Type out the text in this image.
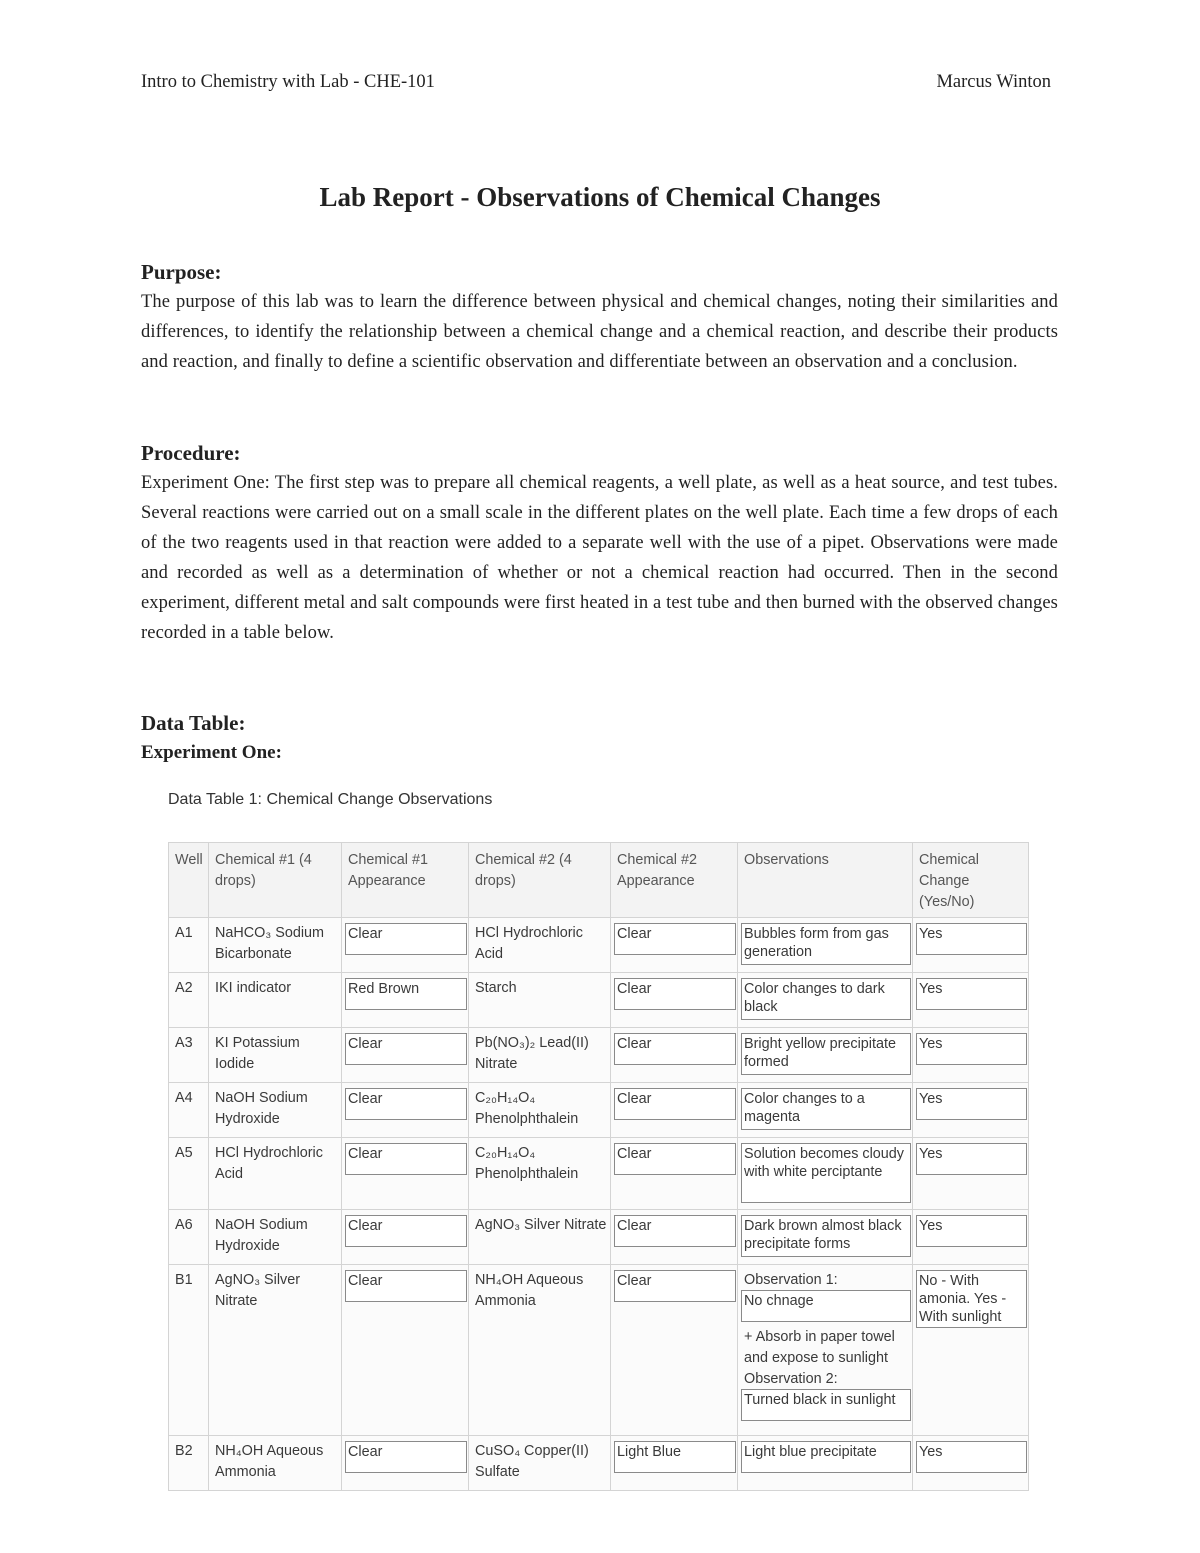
Intro to Chemistry with Lab - CHE-101	Marcus Winton
Lab Report - Observations of Chemical Changes
Purpose:
The purpose of this lab was to learn the difference between physical and chemical changes, noting their similarities and differences, to identify the relationship between a chemical change and a chemical reaction, and describe their products and reaction, and finally to define a scientific observation and differentiate between an observation and a conclusion.
Procedure:
Experiment One: The first step was to prepare all chemical reagents, a well plate, as well as a heat source, and test tubes. Several reactions were carried out on a small scale in the different plates on the well plate. Each time a few drops of each of the two reagents used in that reaction were added to a separate well with the use of a pipet. Observations were made and recorded as well as a determination of whether or not a chemical reaction had occurred. Then in the second experiment, different metal and salt compounds were first heated in a test tube and then burned with the observed changes recorded in a table below.
Data Table:
Experiment One:
Data Table 1: Chemical Change Observations
Well	Chemical #1 (4 drops)	Chemical #1 Appearance	Chemical #2 (4 drops)	Chemical #2 Appearance	Observations	Chemical Change (Yes/No)
A1	NaHCO₃ Sodium Bicarbonate	Clear	HCl Hydrochloric Acid	Clear	Bubbles form from gas generation	Yes

A2	IKI indicator	Red Brown	Starch	Clear	Color changes to dark black	Yes

A3	KI Potassium Iodide	Clear	Pb(NO₃)₂ Lead(II) Nitrate	Clear	Bright yellow precipitate formed	Yes

A4	NaOH Sodium Hydroxide	Clear	C₂₀H₁₄O₄ Phenolphthalein	Clear	Color changes to a magenta	Yes

A5	HCl Hydrochloric Acid	Clear	C₂₀H₁₄O₄ Phenolphthalein	Clear	Solution becomes cloudy with white perciptante	Yes

A6	NaOH Sodium Hydroxide	Clear	AgNO₃ Silver Nitrate	Clear	Dark brown almost black precipitate forms	Yes

B1	AgNO₃ Silver Nitrate	Clear	NH₄OH Aqueous Ammonia	Clear	Observation 1:
No chnage
+ Absorb in paper towel and expose to sunlight
Observation 2:
Turned black in sunlight	No - With amonia. Yes - With sunlight

B2	NH₄OH Aqueous Ammonia	Clear	CuSO₄ Copper(II) Sulfate	Light Blue	Light blue precipitate	Yes
